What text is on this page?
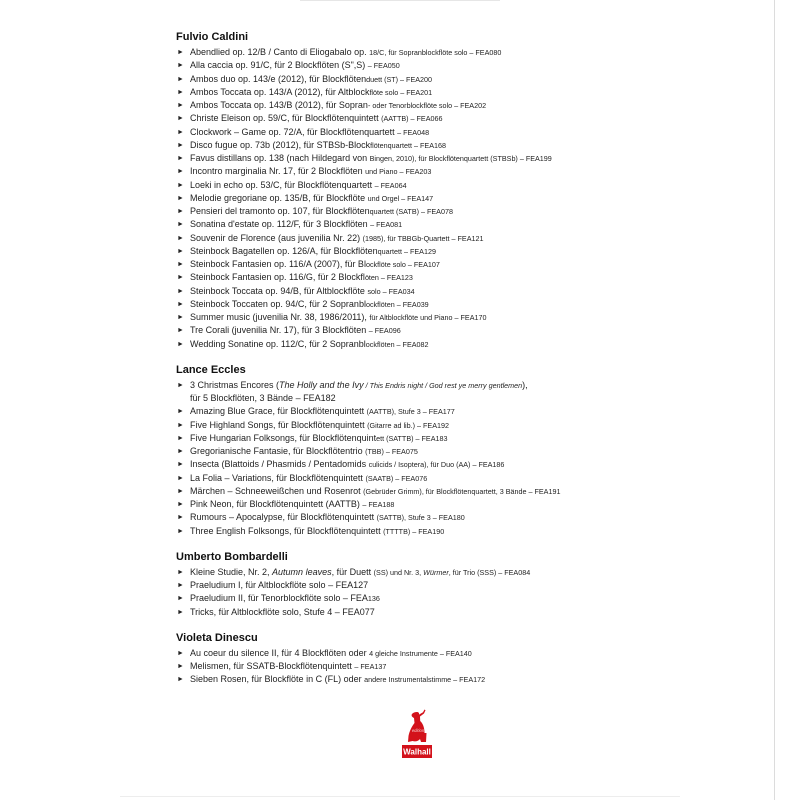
Fulvio Caldini
► Abendlied op. 12/B / Canto di Eliogabalo op. 18/C, für Sopranblockflöte solo – FEA080
► Alla caccia op. 91/C, für 2 Blockflöten (S",S) – FEA050
► Ambos duo op. 143/e (2012), für Blockflötenduett (ST) – FEA200
► Ambos Toccata op. 143/A (2012), für Altblockflöte solo – FEA201
► Ambos Toccata op. 143/B (2012), für Sopran- oder Tenorblockflöte solo – FEA202
► Christe Eleison op. 59/C, für Blockflötenquintett (AATTB) – FEA066
► Clockwork – Game op. 72/A, für Blockflötenquartett – FEA048
► Disco fugue op. 73b (2012), für STBSb-Blockflötenquartett – FEA168
► Favus distillans op. 138 (nach Hildegard von Bingen, 2010), für Blockflötenquartett (STBSb) – FEA199
► Incontro marginalia Nr. 17, für 2 Blockflöten und Piano – FEA203
► Loeki in echo op. 53/C, für Blockflötenquartett – FEA064
► Melodie gregoriane op. 135/B, für Blockflöte und Orgel – FEA147
► Pensieri del tramonto op. 107, für Blockflötenquartett (SATB) – FEA078
► Sonatina d'estate op. 112/F, für 3 Blockflöten – FEA081
► Souvenir de Florence (aus juvenilia Nr. 22) (1985), für TBBGb-Quartett – FEA121
► Steinbock Bagatellen op. 126/A, für Blockflötenquartett – FEA129
► Steinbock Fantasien op. 116/A (2007), für Blockflöte solo – FEA107
► Steinbock Fantasien op. 116/G, für 2 Blockflöten – FEA123
► Steinbock Toccata op. 94/B, für Altblockflöte solo – FEA034
► Steinbock Toccaten op. 94/C, für 2 Sopranblockflöten – FEA039
► Summer music (juvenilia Nr. 38, 1986/2011), für Altblockflöte und Piano – FEA170
► Tre Corali (juvenilia Nr. 17), für 3 Blockflöten – FEA096
► Wedding Sonatine op. 112/C, für 2 Sopranblockflöten – FEA082
Lance Eccles
► 3 Christmas Encores (The Holly and the Ivy / This Endris night / God rest ye merry gentlemen),
für 5 Blockflöten, 3 Bände – FEA182
► Amazing Blue Grace, für Blockflötenquintett (AATTB), Stufe 3 – FEA177
► Five Highland Songs, für Blockflötenquintett (Gitarre ad lib.) – FEA192
► Five Hungarian Folksongs, für Blockflötenquintett (SATTB) – FEA183
► Gregorianische Fantasie, für Blockflötentrio (TBB) – FEA075
► Insecta (Blattoids / Phasmids / Pentadomids culicids / Isoptera), für Duo (AA) – FEA186
► La Folia – Variations, für Blockflötenquintett (SAATB) – FEA076
► Märchen – Schneeweißchen und Rosenrot (Gebrüder Grimm), für Blockflötenquartett, 3 Bände – FEA191
► Pink Neon, für Blockflötenquintett (AATTB) – FEA188
► Rumours – Apocalypse, für Blockflötenquintett (SATTB), Stufe 3 – FEA180
► Three English Folksongs, für Blockflötenquintett (TTTTB) – FEA190
Umberto Bombardelli
► Kleine Studie, Nr. 2, Autumn leaves, für Duett (SS) und Nr. 3, Würmer, für Trio (SSS) – FEA084
► Praeludium I, für Altblockflöte solo – FEA127
► Praeludium II, für Tenorblockflöte solo – FEA136
► Tricks, für Altblockflöte solo, Stufe 4 – FEA077
Violeta Dinescu
► Au coeur du silence II, für 4 Blockflöten oder 4 gleiche Instrumente – FEA140
► Melismen, für SSATB-Blockflötenquintett – FEA137
► Sieben Rosen, für Blockflöte in C (FL) oder andere Instrumentalstimme – FEA172
edition
Walhall
